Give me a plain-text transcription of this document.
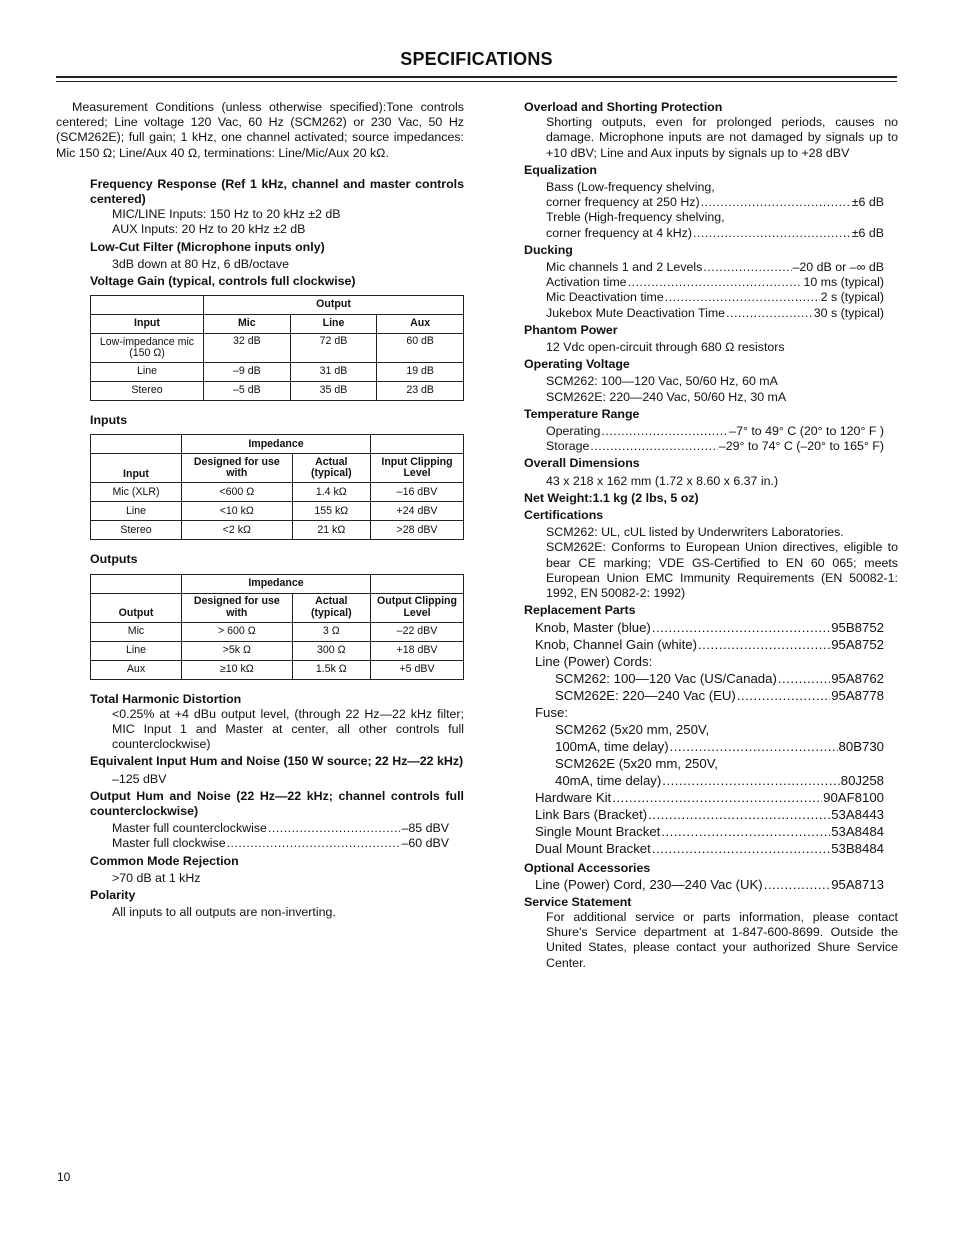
SPECIFICATIONS

Measurement Conditions (unless otherwise specified):Tone controls centered; Line voltage 120 Vac, 60 Hz (SCM262) or 230 Vac, 50 Hz (SCM262E); full gain; 1 kHz, one channel activated; source impedances: Mic 150 Ω; Line/Aux 40 Ω, terminations: Line/Mic/Aux 20 kΩ.

Frequency Response (Ref 1 kHz, channel and master controls centered)

MIC/LINE Inputs: 150 Hz to 20 kHz ±2 dB

AUX Inputs: 20 Hz to 20 kHz ±2 dB

Low-Cut Filter (Microphone inputs only)

3dB down at 80 Hz, 6 dB/octave

Voltage Gain (typical, controls full clockwise)

	Output		
Input	Mic	Line	Aux
Low-impedance mic (150 Ω)	32 dB	72 dB	60 dB
Line	–9 dB	31 dB	19 dB
Stereo	–5 dB	35 dB	23 dB

Inputs

	Impedance		
Input	Designed for use with	Actual (typical)	Input Clipping Level
Mic (XLR)	<600 Ω	1.4 kΩ	–16 dBV
Line	<10 kΩ	155 kΩ	+24 dBV
Stereo	<2 kΩ	21 kΩ	>28 dBV

Outputs

	Impedance		
Output	Designed for use with	Actual (typical)	Output Clipping Level
Mic	> 600 Ω	3 Ω	–22 dBV
Line	>5k Ω	300 Ω	+18 dBV
Aux	≥10 kΩ	1.5k Ω	+5 dBV

Total Harmonic Distortion

<0.25% at +4 dBu output level, (through 22 Hz—22 kHz filter; MIC Input 1 and Master at center, all other controls full counterclockwise)

Equivalent Input Hum and Noise (150 W source; 22 Hz—22 kHz)

–125 dBV

Output Hum and Noise (22 Hz—22 kHz; channel controls full counterclockwise)

Master full counterclockwise .....	–85 dBV
Master full clockwise .....	–60 dBV

Common Mode Rejection

>70 dB at 1 kHz

Polarity

All inputs to all outputs are non-inverting.

Overload and Shorting Protection

Shorting outputs, even for prolonged periods, causes no damage. Microphone inputs are not damaged by signals up to +10 dBV; Line and Aux inputs by signals up to +28 dBV

Equalization

Bass (Low-frequency shelving,

corner frequency at 250 Hz) .....	±6 dB

Treble (High-frequency shelving,

corner frequency at 4 kHz) .....	±6 dB

Ducking

Mic channels 1 and 2 Levels .....	–20 dB or –∞ dB
Activation time .....	10 ms (typical)
Mic Deactivation time .....	2 s (typical)
Jukebox Mute Deactivation Time .....	30 s (typical)

Phantom Power

12 Vdc open-circuit through 680 Ω resistors

Operating Voltage

SCM262: 100—120 Vac, 50/60 Hz, 60 mA

SCM262E: 220—240 Vac, 50/60 Hz, 30 mA

Temperature Range

Operating .....	–7° to 49° C (20° to 120° F )
Storage .....	–29° to 74° C (–20° to 165° F)

Overall Dimensions

43 x 218 x 162 mm (1.72 x 8.60 x 6.37 in.)

Net Weight:1.1 kg (2 lbs, 5 oz)

Certifications

SCM262: UL, cUL listed by Underwriters Laboratories.

SCM262E: Conforms to European Union directives, eligible to bear CE marking; VDE GS-Certified to EN 60 065; meets European Union EMC Immunity Requirements (EN 50082-1: 1992, EN 50082-2: 1992)

Replacement Parts

Knob, Master (blue) .....	95B8752
Knob, Channel Gain (white) .....	95A8752

Line (Power) Cords:

SCM262: 100—120 Vac (US/Canada) .....	95A8762
SCM262E: 220—240 Vac (EU) .....	95A8778

Fuse:

SCM262 (5x20 mm, 250V,

100mA, time delay) .....	80B730

SCM262E (5x20 mm, 250V,

40mA, time delay) .....	80J258
Hardware Kit .....	90AF8100
Link Bars (Bracket) .....	53A8443
Single Mount Bracket .....	53A8484
Dual Mount Bracket .....	53B8484

Optional Accessories

Line (Power) Cord, 230—240 Vac (UK) .....	95A8713

Service Statement

For additional service or parts information, please contact Shure's Service department at 1-847-600-8699. Outside the United States, please contact your authorized Shure Service Center.

10
